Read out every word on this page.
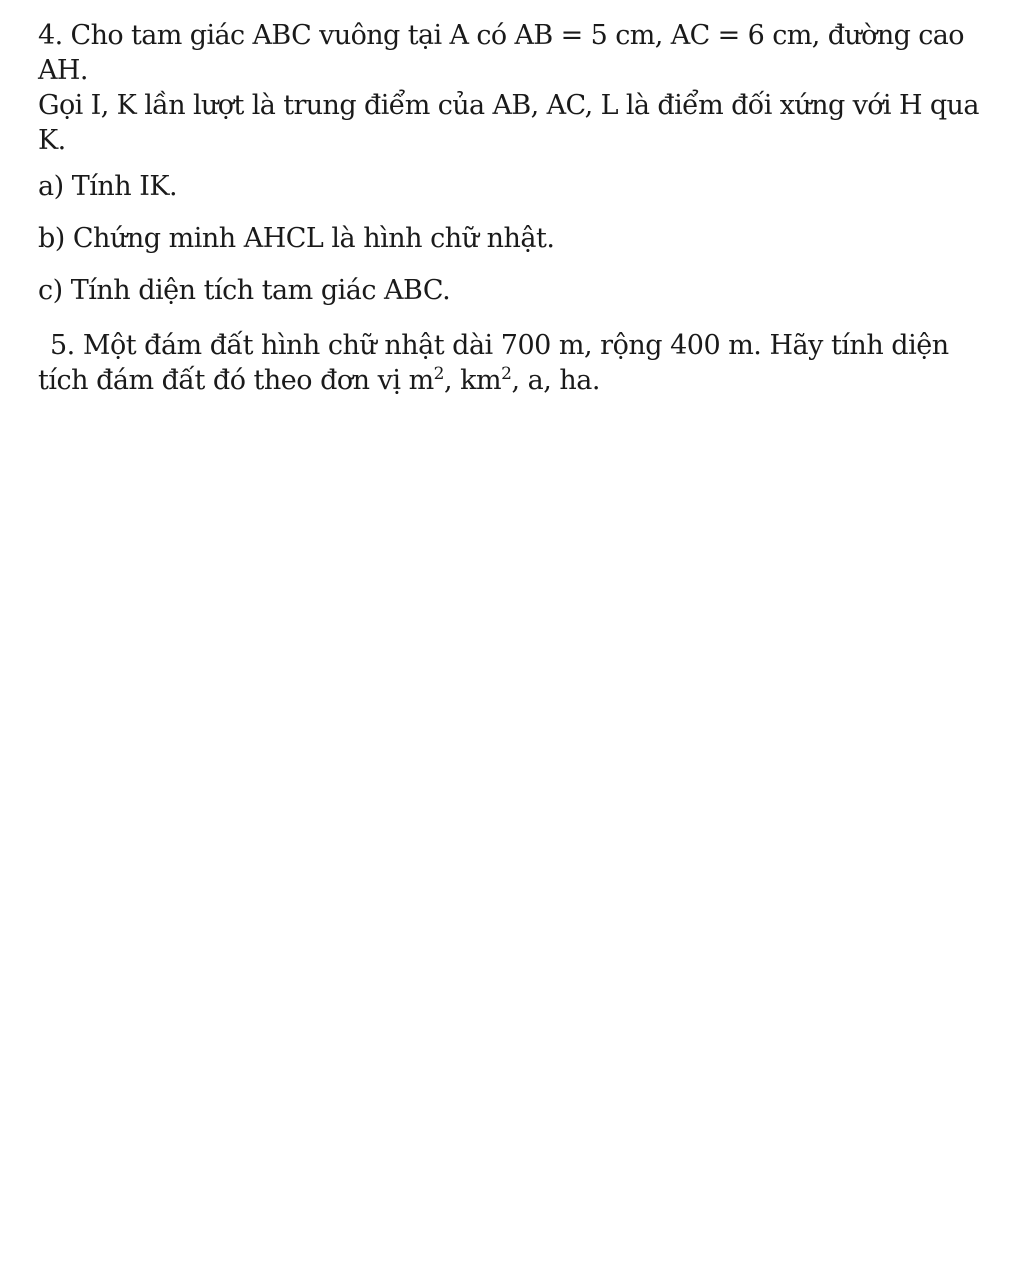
4. Cho tam giác ABC vuông tại A có AB = 5 cm, AC = 6 cm, đường cao AH.
Gọi I, K lần lượt là trung điểm của AB, AC, L là điểm đối xứng với H qua
K.
a) Tính IK.
b) Chứng minh AHCL là hình chữ nhật.
c) Tính diện tích tam giác ABC.
5. Một đám đất hình chữ nhật dài 700 m, rộng 400 m. Hãy tính diện
tích đám đất đó theo đơn vị $m^2$, $km^2$, a, ha.
